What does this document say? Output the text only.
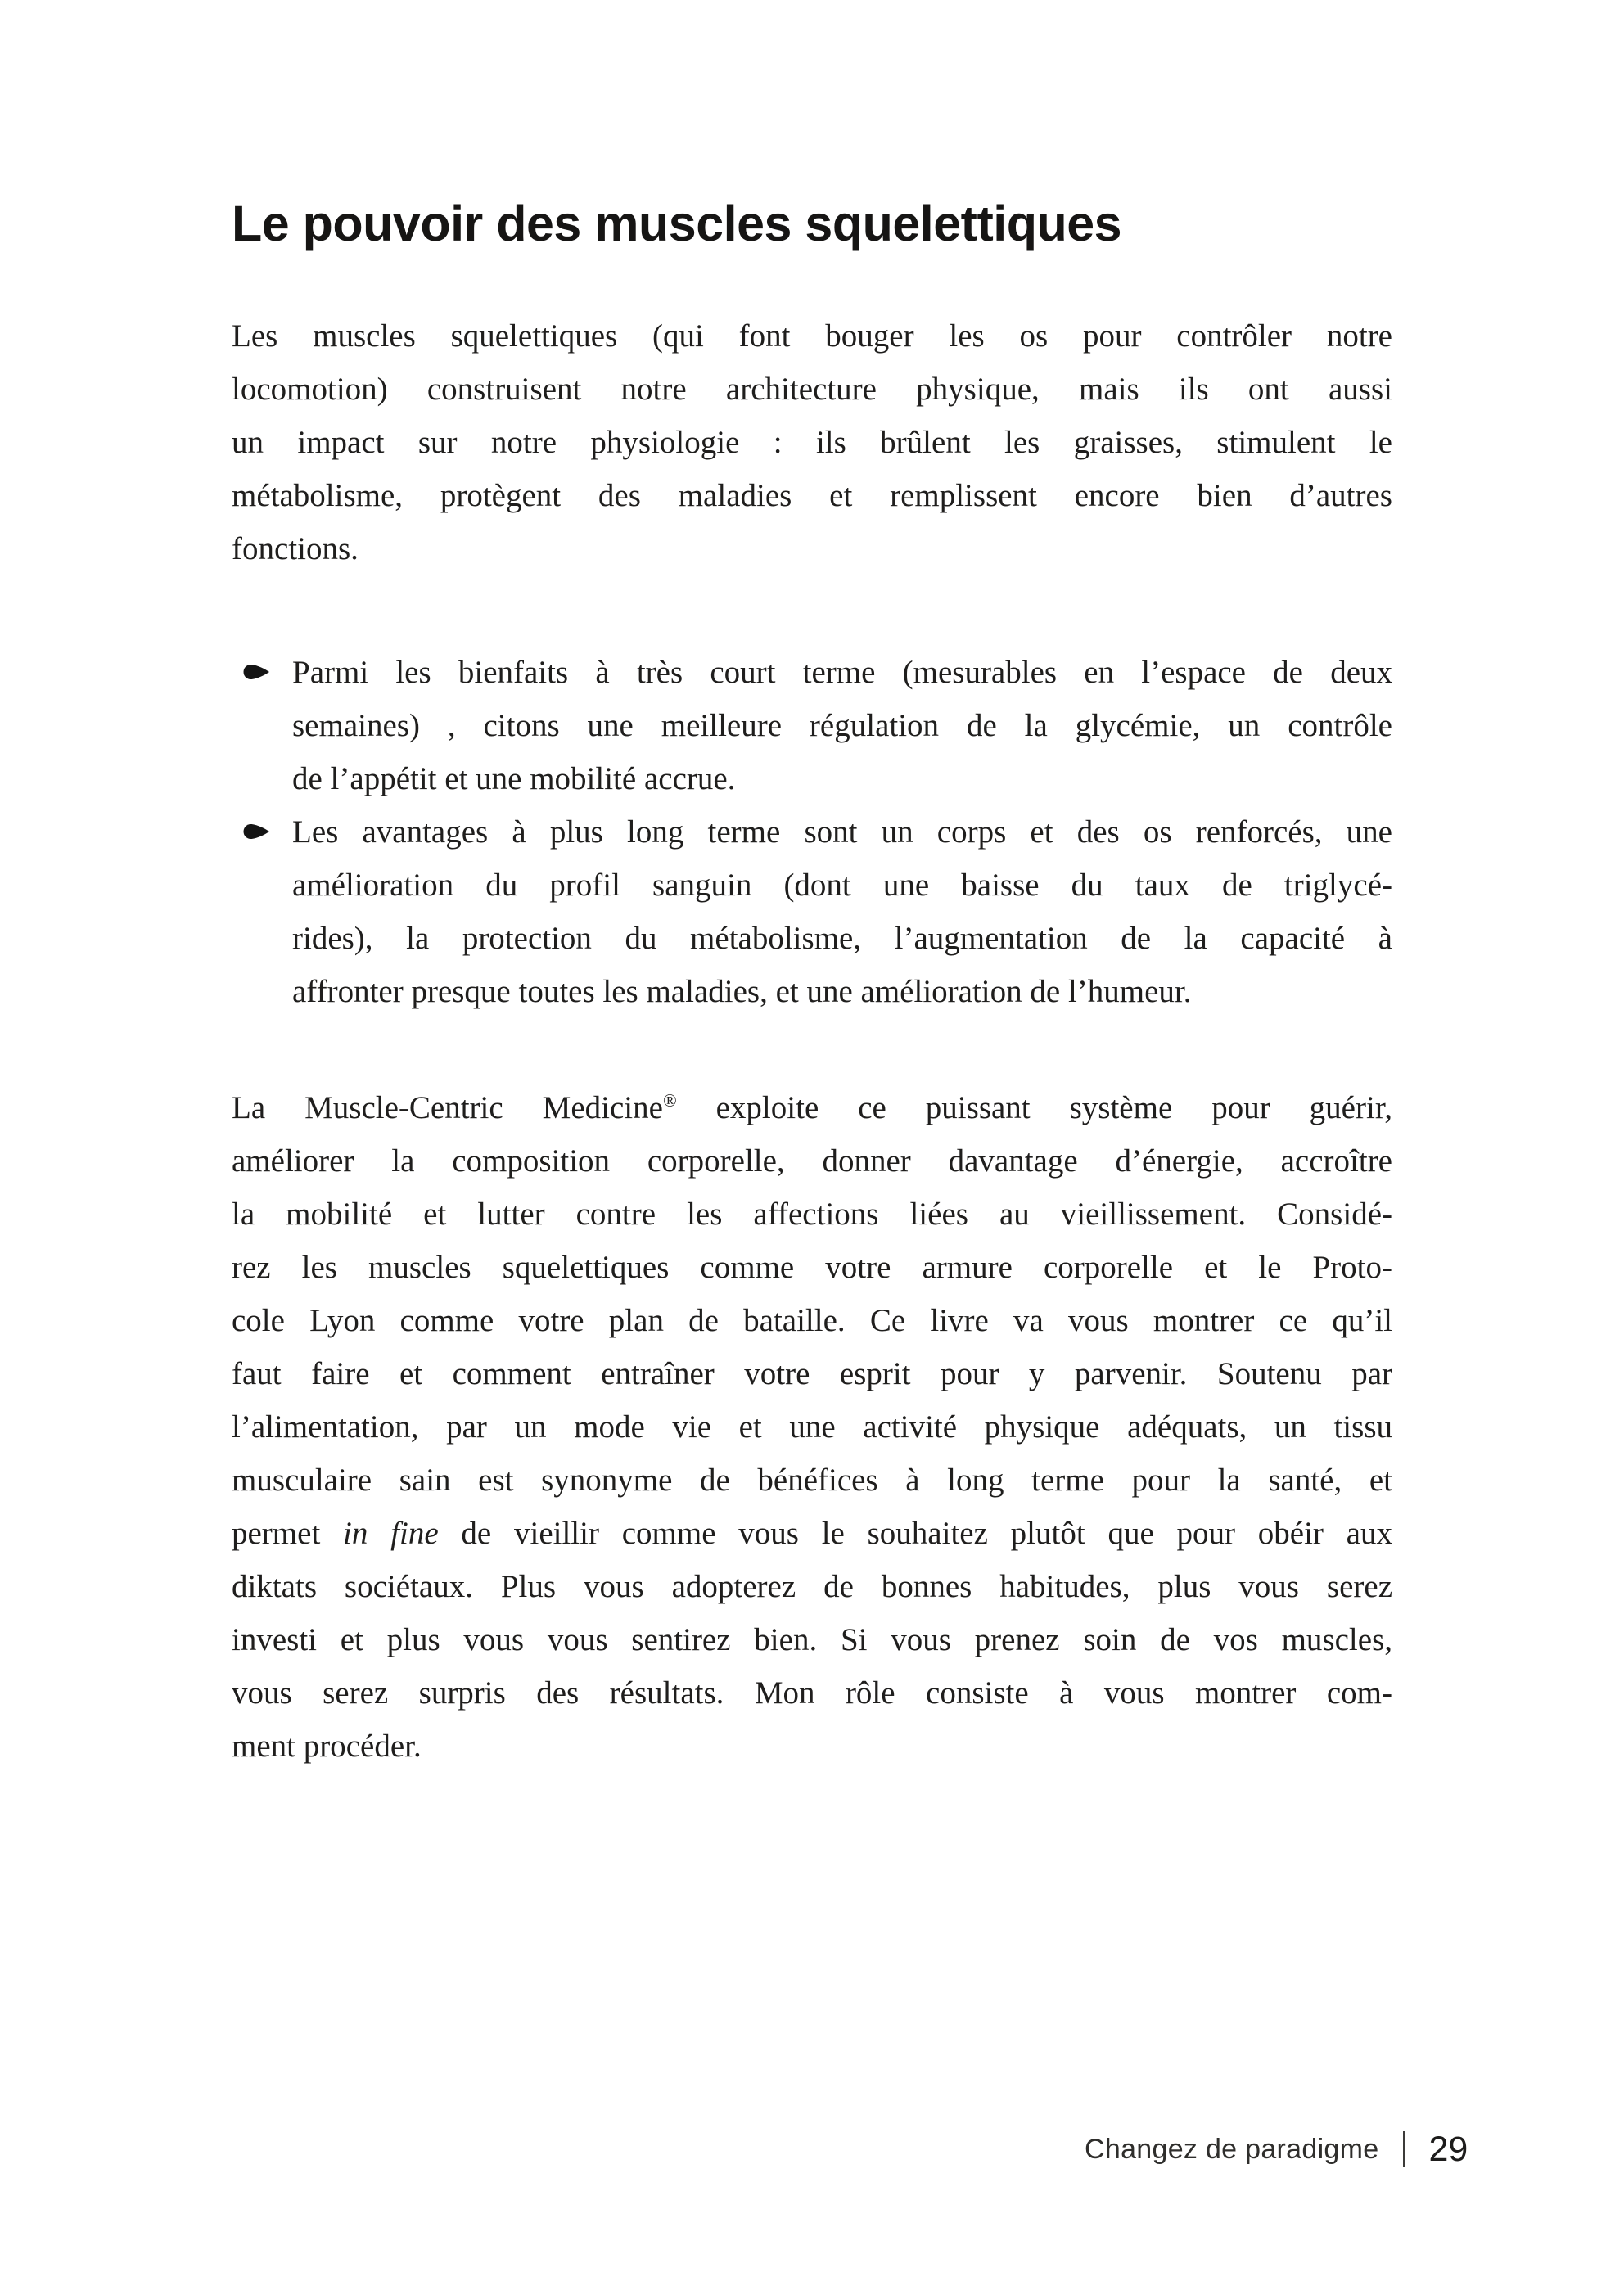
Le pouvoir des muscles squelettiques
Les muscles squelettiques (qui font bouger les os pour contrôler notre
locomotion) construisent notre architecture physique, mais ils ont aussi
un impact sur notre physiologie : ils brûlent les graisses, stimulent le
métabolisme, protègent des maladies et remplissent encore bien d’autres
fonctions.
Parmi les bienfaits à très court terme (mesurables en l’espace de deux
semaines) , citons une meilleure régulation de la glycémie, un contrôle
de l’appétit et une mobilité accrue.
Les avantages à plus long terme sont un corps et des os renforcés, une
amélioration du profil sanguin (dont une baisse du taux de triglycé-
rides), la protection du métabolisme, l’augmentation de la capacité à
affronter presque toutes les maladies, et une amélioration de l’humeur.
La Muscle-Centric Medicine® exploite ce puissant système pour guérir,
améliorer la composition corporelle, donner davantage d’énergie, accroître
la mobilité et lutter contre les affections liées au vieillissement. Considé-
rez les muscles squelettiques comme votre armure corporelle et le Proto-
cole Lyon comme votre plan de bataille. Ce livre va vous montrer ce qu’il
faut faire et comment entraîner votre esprit pour y parvenir. Soutenu par
l’alimentation, par un mode vie et une activité physique adéquats, un tissu
musculaire sain est synonyme de bénéfices à long terme pour la santé, et
permet in fine de vieillir comme vous le souhaitez plutôt que pour obéir aux
diktats sociétaux. Plus vous adopterez de bonnes habitudes, plus vous serez
investi et plus vous vous sentirez bien. Si vous prenez soin de vos muscles,
vous serez surpris des résultats. Mon rôle consiste à vous montrer com-
ment procéder.
Changez de paradigme 29
